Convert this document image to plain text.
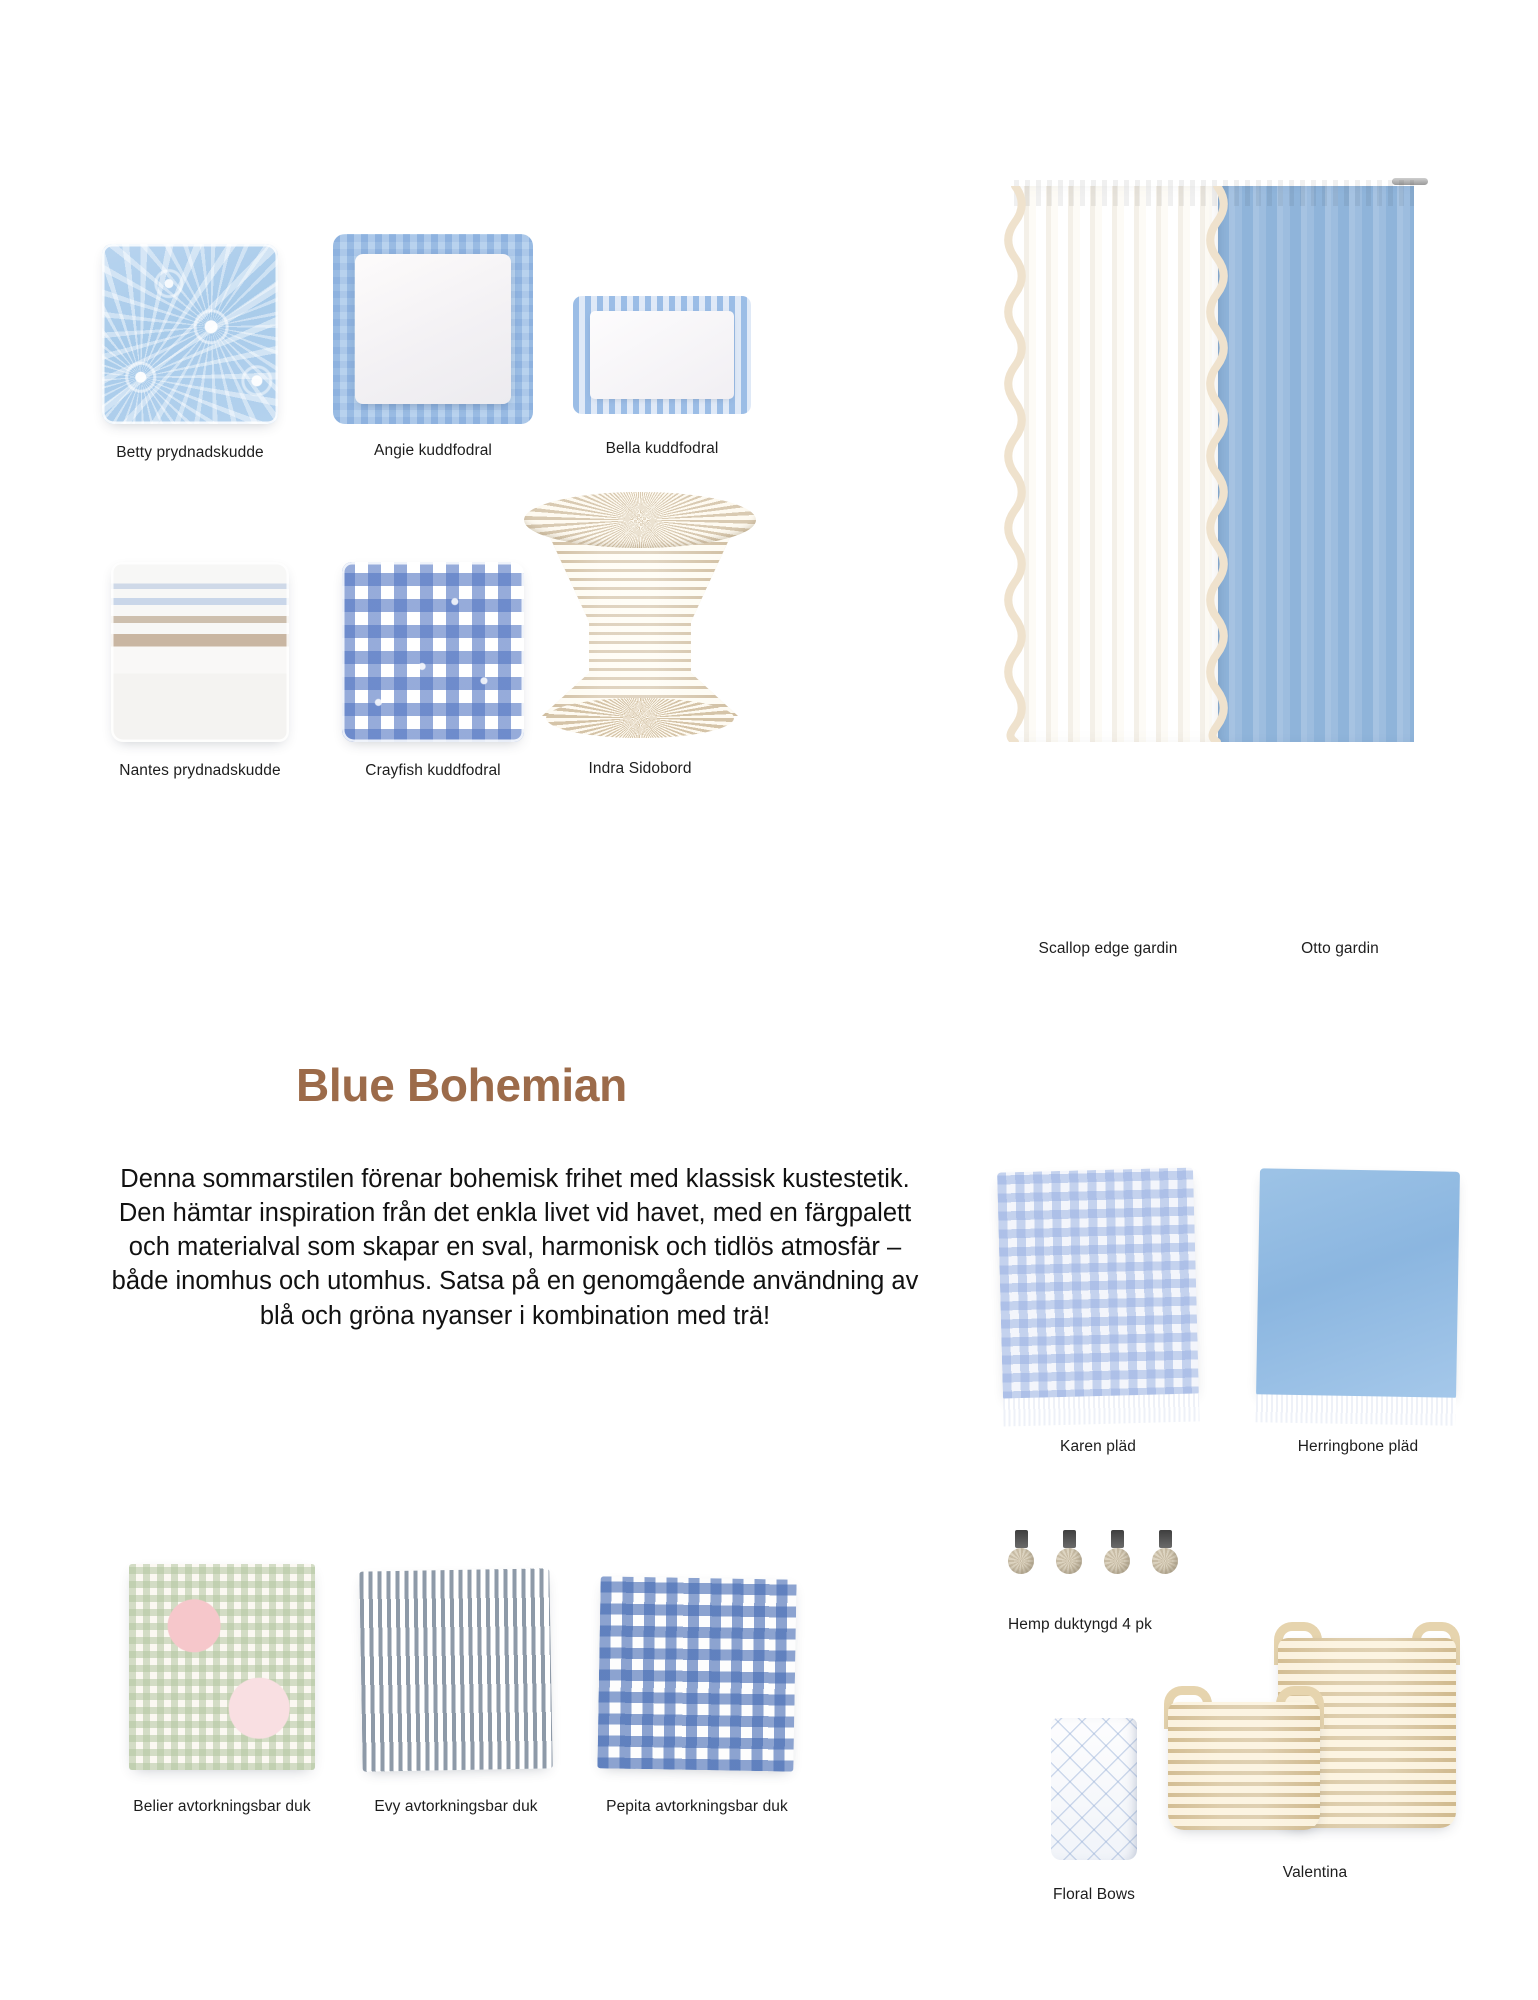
Betty prydnadskudde	Angie kuddfodral	Bella kuddfodral
Nantes prydnadskudde	Crayfish kuddfodral	Indra Sidobord
Scallop edge gardin	Otto gardin
Blue Bohemian

Denna sommarstilen förenar bohemisk frihet med klassisk kustestetik. Den hämtar inspiration från det enkla livet vid havet, med en färgpalett och materialval som skapar en sval, harmonisk och tidlös atmosfär – både inomhus och utomhus. Satsa på en genomgående användning av blå och gröna nyanser i kombination med trä!

Karen pläd	Herringbone pläd
Belier avtorkningsbar duk	Evy avtorkningsbar duk	Pepita avtorkningsbar duk
Hemp duktyngd 4 pk
Floral Bows
Valentina
